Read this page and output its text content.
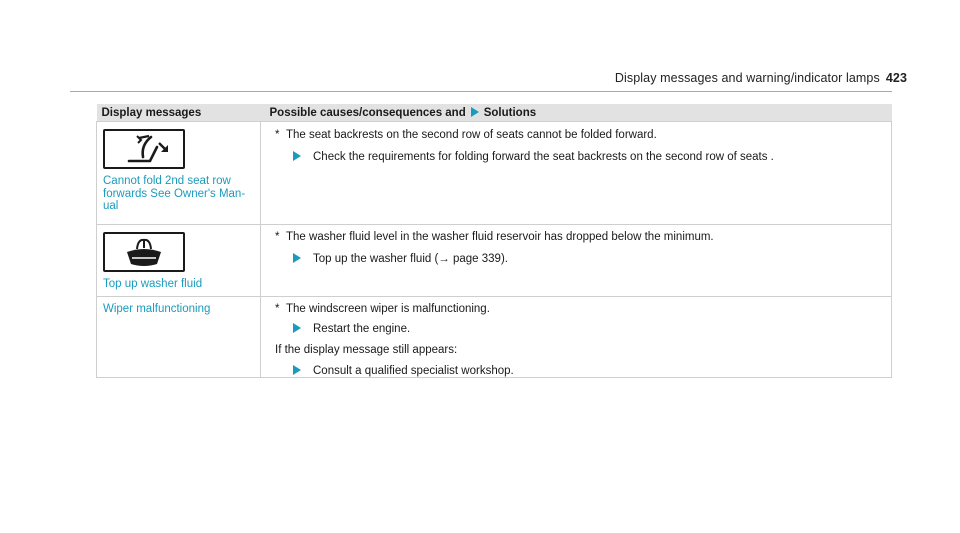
Display messages and warning/indicator lamps 423
Display messages	Possible causes/consequences and Solutions

Cannot fold 2nd seat row forwards See Owner's Man- ual	* The seat backrests on the second row of seats cannot be folded forward.
Check the requirements for folding forward the seat backrests on the second row of seats .

Top up washer fluid	* The washer fluid level in the washer fluid reservoir has dropped below the minimum.
Top up the washer fluid (→ page 339).

Wiper malfunctioning	* The windscreen wiper is malfunctioning.
Restart the engine.
If the display message still appears:
Consult a qualified specialist workshop.
